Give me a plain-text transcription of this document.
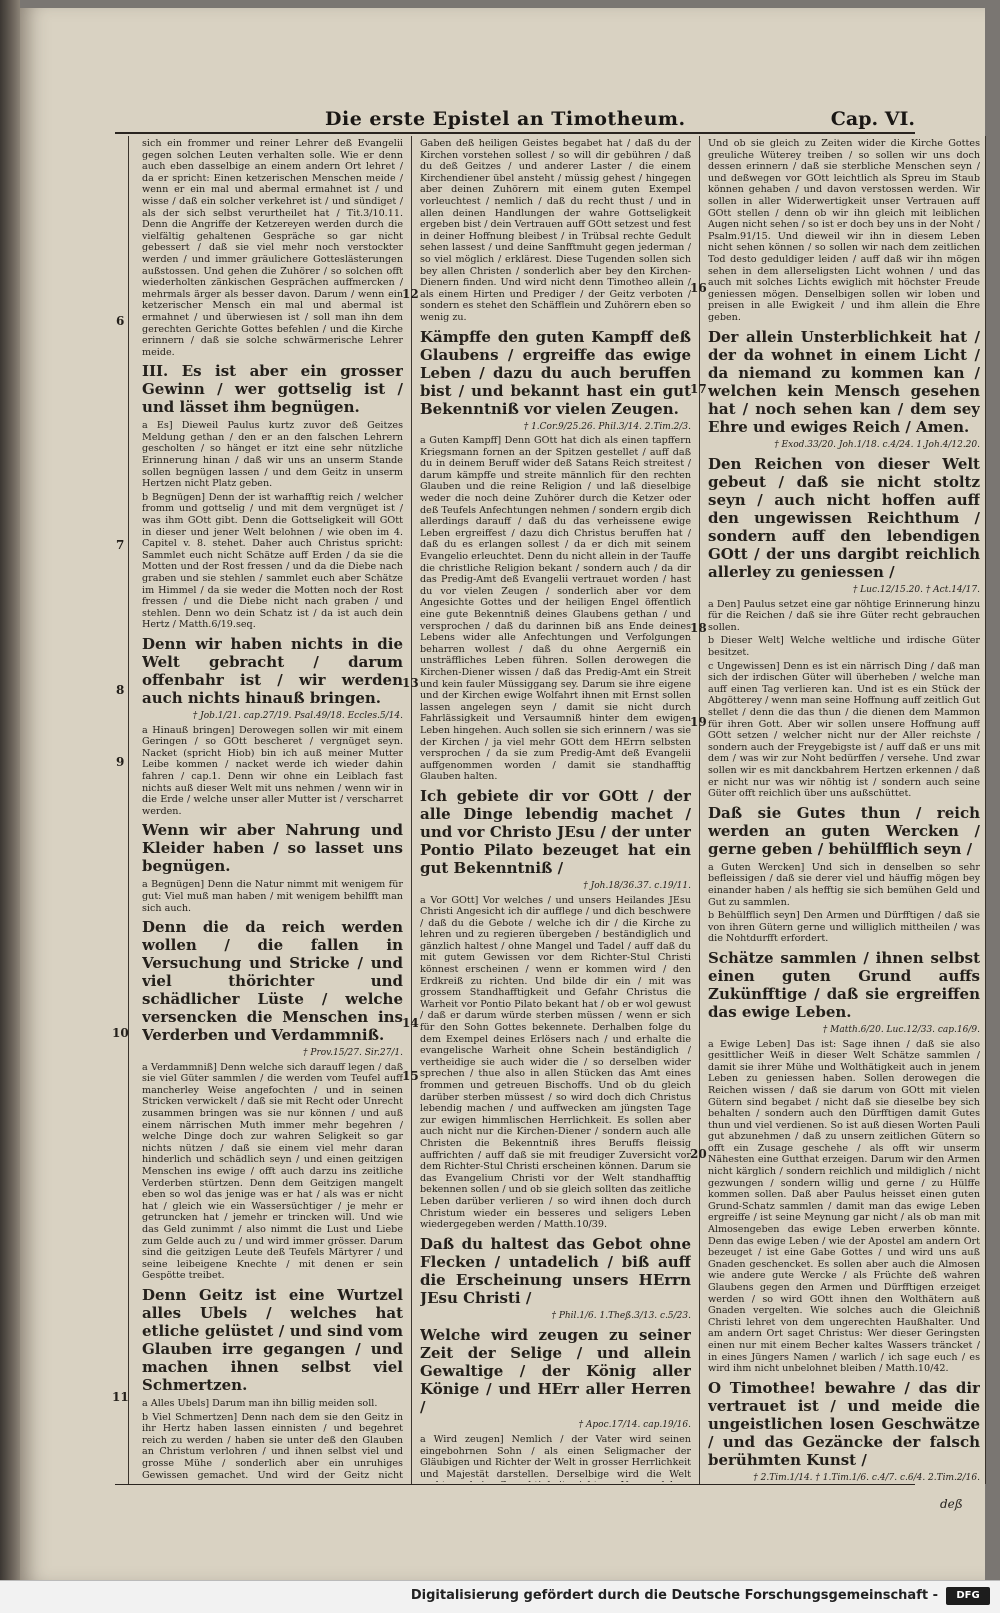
Die erste Epistel an Timotheum.	Cap. VI.
6
7
8
9
10
11
12
13
14
15
16
17
18
19
20

sich ein frommer und reiner Lehrer deß Evangelii gegen solchen Leuten verhalten solle. Wie er denn auch eben dasselbige an einem andern Ort lehret / da er spricht: Einen ketzerischen Menschen meide / wenn er ein mal und abermal ermahnet ist / und wisse / daß ein solcher verkehret ist / und sündiget / als der sich selbst verurtheilet hat / Tit.3/10.11. Denn die Angriffe der Ketzereyen werden durch die vielfältig gehaltenen Gespräche so gar nicht gebessert / daß sie viel mehr noch verstockter werden / und immer gräulichere Gotteslästerungen außstossen. Und gehen die Zuhörer / so solchen offt wiederholten zänkischen Gesprächen auffmercken / mehrmals ärger als besser davon. Darum / wenn ein ketzerischer Mensch ein mal und abermal ist ermahnet / und überwiesen ist / soll man ihn dem gerechten Gerichte Gottes befehlen / und die Kirche erinnern / daß sie solche schwärmerische Lehrer meide.

III. Es ist aber ein grosser Gewinn / wer gottselig ist / und lässet ihm begnügen.

a Es] Dieweil Paulus kurtz zuvor deß Geitzes Meldung gethan / den er an den falschen Lehrern gescholten / so hänget er itzt eine sehr nützliche Erinnerung hinan / daß wir uns an unserm Stande sollen begnügen lassen / und dem Geitz in unserm Hertzen nicht Platz geben.

b Begnügen] Denn der ist warhafftig reich / welcher fromm und gottselig / und mit dem vergnüget ist / was ihm GOtt gibt. Denn die Gottseligkeit will GOtt in dieser und jener Welt belohnen / wie oben im 4. Capitel v. 8. stehet. Daher auch Christus spricht: Sammlet euch nicht Schätze auff Erden / da sie die Motten und der Rost fressen / und da die Diebe nach graben und sie stehlen / sammlet euch aber Schätze im Himmel / da sie weder die Motten noch der Rost fressen / und die Diebe nicht nach graben / und stehlen. Denn wo dein Schatz ist / da ist auch dein Hertz / Matth.6/19.seq.

Denn wir haben nichts in die Welt gebracht / darum offenbahr ist / wir werden auch nichts hinauß bringen.

† Job.1/21. cap.27/19. Psal.49/18. Eccles.5/14.

a Hinauß bringen] Derowegen sollen wir mit einem Geringen / so GOtt bescheret / vergnüget seyn. Nacket (spricht Hiob) bin ich auß meiner Mutter Leibe kommen / nacket werde ich wieder dahin fahren / cap.1. Denn wir ohne ein Leiblach fast nichts auß dieser Welt mit uns nehmen / wenn wir in die Erde / welche unser aller Mutter ist / verscharret werden.

Wenn wir aber Nahrung und Kleider haben / so lasset uns begnügen.

a Begnügen] Denn die Natur nimmt mit wenigem für gut: Viel muß man haben / mit wenigem behilfft man sich auch.

Denn die da reich werden wollen / die fallen in Versuchung und Stricke / und viel thörichter und schädlicher Lüste / welche versencken die Menschen ins Verderben und Verdammniß.

† Prov.15/27. Sir.27/1.

a Verdammniß] Denn welche sich darauff legen / daß sie viel Güter sammlen / die werden vom Teufel auff mancherley Weise angefochten / und in seinen Stricken verwickelt / daß sie mit Recht oder Unrecht zusammen bringen was sie nur können / und auß einem närrischen Muth immer mehr begehren / welche Dinge doch zur wahren Seligkeit so gar nichts nützen / daß sie einem viel mehr daran hinderlich und schädlich seyn / und einen geitzigen Menschen ins ewige / offt auch darzu ins zeitliche Verderben stürtzen. Denn dem Geitzigen mangelt eben so wol das jenige was er hat / als was er nicht hat / gleich wie ein Wassersüchtiger / je mehr er getruncken hat / jemehr er trincken will. Und wie das Geld zunimmt / also nimmt die Lust und Liebe zum Gelde auch zu / und wird immer grösser. Darum sind die geitzigen Leute deß Teufels Märtyrer / und seine leibeigene Knechte / mit denen er sein Gespötte treibet.

Denn Geitz ist eine Wurtzel alles Ubels / welches hat etliche gelüstet / und sind vom Glauben irre gegangen / und machen ihnen selbst viel Schmertzen.

a Alles Ubels] Darum man ihn billig meiden soll.

b Viel Schmertzen] Denn nach dem sie den Geitz in ihr Hertz haben lassen einnisten / und begehret reich zu werden / haben sie unter deß den Glauben an Christum verlohren / und ihnen selbst viel und grosse Mühe / sonderlich aber ein unruhiges Gewissen gemachet. Und wird der Geitz nicht

Gaben deß heiligen Geistes begabet hat / daß du der Kirchen vorstehen sollest / so will dir gebühren / daß du deß Geitzes / und anderer Laster / die einem Kirchendiener übel ansteht / müssig gehest / hingegen aber deinen Zuhörern mit einem guten Exempel vorleuchtest / nemlich / daß du recht thust / und in allen deinen Handlungen der wahre Gottseligkeit ergeben bist / dein Vertrauen auff GOtt setzest und fest in deiner Hoffnung bleibest / in Trübsal rechte Gedult sehen lassest / und deine Sanfftmuht gegen jederman / so viel möglich / erklärest. Diese Tugenden sollen sich bey allen Christen / sonderlich aber bey den Kirchen-Dienern finden. Und wird nicht denn Timotheo allein / als einem Hirten und Prediger / der Geitz verboten / sondern es stehet den Schäfflein und Zuhörern eben so wenig zu.

Kämpffe den guten Kampff deß Glaubens / ergreiffe das ewige Leben / dazu du auch beruffen bist / und bekannt hast ein gut Bekenntniß vor vielen Zeugen.

† 1.Cor.9/25.26. Phil.3/14. 2.Tim.2/3.

a Guten Kampff] Denn GOtt hat dich als einen tapffern Kriegsmann fornen an der Spitzen gestellet / auff daß du in deinem Beruff wider deß Satans Reich streitest / darum kämpffe und streite männlich für den rechten Glauben und die reine Religion / und laß dieselbige weder die noch deine Zuhörer durch die Ketzer oder deß Teufels Anfechtungen nehmen / sondern ergib dich allerdings darauff / daß du das verheissene ewige Leben ergreiffest / dazu dich Christus beruffen hat / daß du es erlangen sollest / da er dich mit seinem Evangelio erleuchtet. Denn du nicht allein in der Tauffe die christliche Religion bekant / sondern auch / da dir das Predig-Amt deß Evangelii vertrauet worden / hast du vor vielen Zeugen / sonderlich aber vor dem Angesichte Gottes und der heiligen Engel öffentlich eine gute Bekenntniß deines Glaubens gethan / und versprochen / daß du darinnen biß ans Ende deines Lebens wider alle Anfechtungen und Verfolgungen beharren wollest / daß du ohne Aergerniß ein unsträffliches Leben führen. Sollen derowegen die Kirchen-Diener wissen / daß das Predig-Amt ein Streit und kein fauler Müssiggang sey. Darum sie ihre eigene und der Kirchen ewige Wolfahrt ihnen mit Ernst sollen lassen angelegen seyn / damit sie nicht durch Fahrlässigkeit und Versaumniß hinter dem ewigen Leben hingehen. Auch sollen sie sich erinnern / was sie der Kirchen / ja viel mehr GOtt dem HErrn selbsten versprochen / da sie zum Predig-Amt deß Evangelii auffgenommen worden / damit sie standhafftig Glauben halten.

Ich gebiete dir vor GOtt / der alle Dinge lebendig machet / und vor Christo JEsu / der unter Pontio Pilato bezeuget hat ein gut Bekenntniß /

† Joh.18/36.37. c.19/11.

a Vor GOtt] Vor welches / und unsers Heilandes JEsu Christi Angesicht ich dir aufflege / und dich beschwere / daß du die Gebote / welche ich dir / die Kirche zu lehren und zu regieren übergeben / beständiglich und gänzlich haltest / ohne Mangel und Tadel / auff daß du mit gutem Gewissen vor dem Richter-Stul Christi könnest erscheinen / wenn er kommen wird / den Erdkreiß zu richten. Und bilde dir ein / mit was grossem Standhafftigkeit und Gefahr Christus die Warheit vor Pontio Pilato bekant hat / ob er wol gewust / daß er darum würde sterben müssen / wenn er sich für den Sohn Gottes bekennete. Derhalben folge du dem Exempel deines Erlösers nach / und erhalte die evangelische Warheit ohne Schein beständiglich / vertheidige sie auch wider die / so derselben wider sprechen / thue also in allen Stücken das Amt eines frommen und getreuen Bischoffs. Und ob du gleich darüber sterben müssest / so wird doch dich Christus lebendig machen / und auffwecken am jüngsten Tage zur ewigen himmlischen Herrlichkeit. Es sollen aber auch nicht nur die Kirchen-Diener / sondern auch alle Christen die Bekenntniß ihres Beruffs fleissig auffrichten / auff daß sie mit freudiger Zuversicht vor dem Richter-Stul Christi erscheinen können. Darum sie das Evangelium Christi vor der Welt standhafftig bekennen sollen / und ob sie gleich sollten das zeitliche Leben darüber verlieren / so wird ihnen doch durch Christum wieder ein besseres und seligers Leben wiedergegeben werden / Matth.10/39.

Daß du haltest das Gebot ohne Flecken / untadelich / biß auff die Erscheinung unsers HErrn JEsu Christi /

† Phil.1/6. 1.Theß.3/13. c.5/23.

Welche wird zeugen zu seiner Zeit der Selige / und allein Gewaltige / der König aller Könige / und HErr aller Herren /

† Apoc.17/14. cap.19/16.

a Wird zeugen] Nemlich / der Vater wird seinen eingebohrnen Sohn / als einen Seligmacher der Gläubigen und Richter der Welt in grosser Herrlichkeit und Majestät darstellen. Derselbige wird die Welt

Und ob sie gleich zu Zeiten wider die Kirche Gottes greuliche Wüterey treiben / so sollen wir uns doch dessen erinnern / daß sie sterbliche Menschen seyn / und deßwegen vor GOtt leichtlich als Spreu im Staub können gehaben / und davon verstossen werden. Wir sollen in aller Widerwertigkeit unser Vertrauen auff GOtt stellen / denn ob wir ihn gleich mit leiblichen Augen nicht sehen / so ist er doch bey uns in der Noht / Psalm.91/15. Und dieweil wir ihn in diesem Leben nicht sehen können / so sollen wir nach dem zeitlichen Tod desto geduldiger leiden / auff daß wir ihn mögen sehen in dem allerseligsten Licht wohnen / und das auch mit solches Lichts ewiglich mit höchster Freude geniessen mögen. Denselbigen sollen wir loben und preisen in alle Ewigkeit / und ihm allein die Ehre geben.

Der allein Unsterblichkeit hat / der da wohnet in einem Licht / da niemand zu kommen kan / welchen kein Mensch gesehen hat / noch sehen kan / dem sey Ehre und ewiges Reich / Amen.

† Exod.33/20. Joh.1/18. c.4/24. 1.Joh.4/12.20.

Den Reichen von dieser Welt gebeut / daß sie nicht stoltz seyn / auch nicht hoffen auff den ungewissen Reichthum / sondern auff den lebendigen GOtt / der uns dargibt reichlich allerley zu geniessen /

† Luc.12/15.20. † Act.14/17.

a Den] Paulus setzet eine gar nöhtige Erinnerung hinzu für die Reichen / daß sie ihre Güter recht gebrauchen sollen.

b Dieser Welt] Welche weltliche und irdische Güter besitzet.

c Ungewissen] Denn es ist ein närrisch Ding / daß man sich der irdischen Güter will überheben / welche man auff einen Tag verlieren kan. Und ist es ein Stück der Abgötterey / wenn man seine Hoffnung auff zeitlich Gut stellet / denn die das thun / die dienen dem Mammon für ihren Gott. Aber wir sollen unsere Hoffnung auff GOtt setzen / welcher nicht nur der Aller reichste / sondern auch der Freygebigste ist / auff daß er uns mit dem / was wir zur Noht bedürffen / versehe. Und zwar sollen wir es mit danckbahrem Hertzen erkennen / daß er nicht nur was wir nöhtig ist / sondern auch seine Güter offt reichlich über uns außschüttet.

Daß sie Gutes thun / reich werden an guten Wercken / gerne geben / behülfflich seyn /

a Guten Wercken] Und sich in denselben so sehr befleissigen / daß sie derer viel und häuffig mögen bey einander haben / als hefftig sie sich bemühen Geld und Gut zu sammlen.

b Behülfflich seyn] Den Armen und Dürfftigen / daß sie von ihren Gütern gerne und williglich mittheilen / was die Nohtdurfft erfordert.

Schätze sammlen / ihnen selbst einen guten Grund auffs Zukünfftige / daß sie ergreiffen das ewige Leben.

† Matth.6/20. Luc.12/33. cap.16/9.

a Ewige Leben] Das ist: Sage ihnen / daß sie also gesittlicher Weiß in dieser Welt Schätze sammlen / damit sie ihrer Mühe und Wolthätigkeit auch in jenem Leben zu geniessen haben. Sollen derowegen die Reichen wissen / daß sie darum von GOtt mit vielen Gütern sind begabet / nicht daß sie dieselbe bey sich behalten / sondern auch den Dürfftigen damit Gutes thun und viel verdienen. So ist auß diesen Worten Pauli gut abzunehmen / daß zu unsern zeitlichen Gütern so offt ein Zusage geschehe / als offt wir unserm Nähesten eine Gutthat erzeigen. Darum wir den Armen nicht kärglich / sondern reichlich und mildiglich / nicht gezwungen / sondern willig und gerne / zu Hülffe kommen sollen. Daß aber Paulus heisset einen guten Grund-Schatz sammlen / damit man das ewige Leben ergreiffe / ist seine Meynung gar nicht / als ob man mit Almosengeben das ewige Leben erwerben könnte. Denn das ewige Leben / wie der Apostel am andern Ort bezeuget / ist eine Gabe Gottes / und wird uns auß Gnaden geschencket. Es sollen aber auch die Almosen wie andere gute Wercke / als Früchte deß wahren Glaubens gegen den Armen und Dürfftigen erzeiget werden / so wird GOtt ihnen den Wolthätern auß Gnaden vergelten. Wie solches auch die Gleichniß Christi lehret von dem ungerechten Haußhalter. Und am andern Ort saget Christus: Wer dieser Geringsten einen nur mit einem Becher kaltes Wassers träncket / in eines Jüngers Namen / warlich / ich sage euch / es wird ihm nicht unbelohnet bleiben / Matth.10/42.

O Timothee! bewahre / das dir vertrauet ist / und meide die ungeistlichen losen Geschwätze / und das Gezäncke der falsch berühmten Kunst /

† 2.Tim.1/14. † 1.Tim.1/6. c.4/7. c.6/4. 2.Tim.2/16.

deß
Digitalisierung gefördert durch die Deutsche Forschungsgemeinschaft -	DFG
